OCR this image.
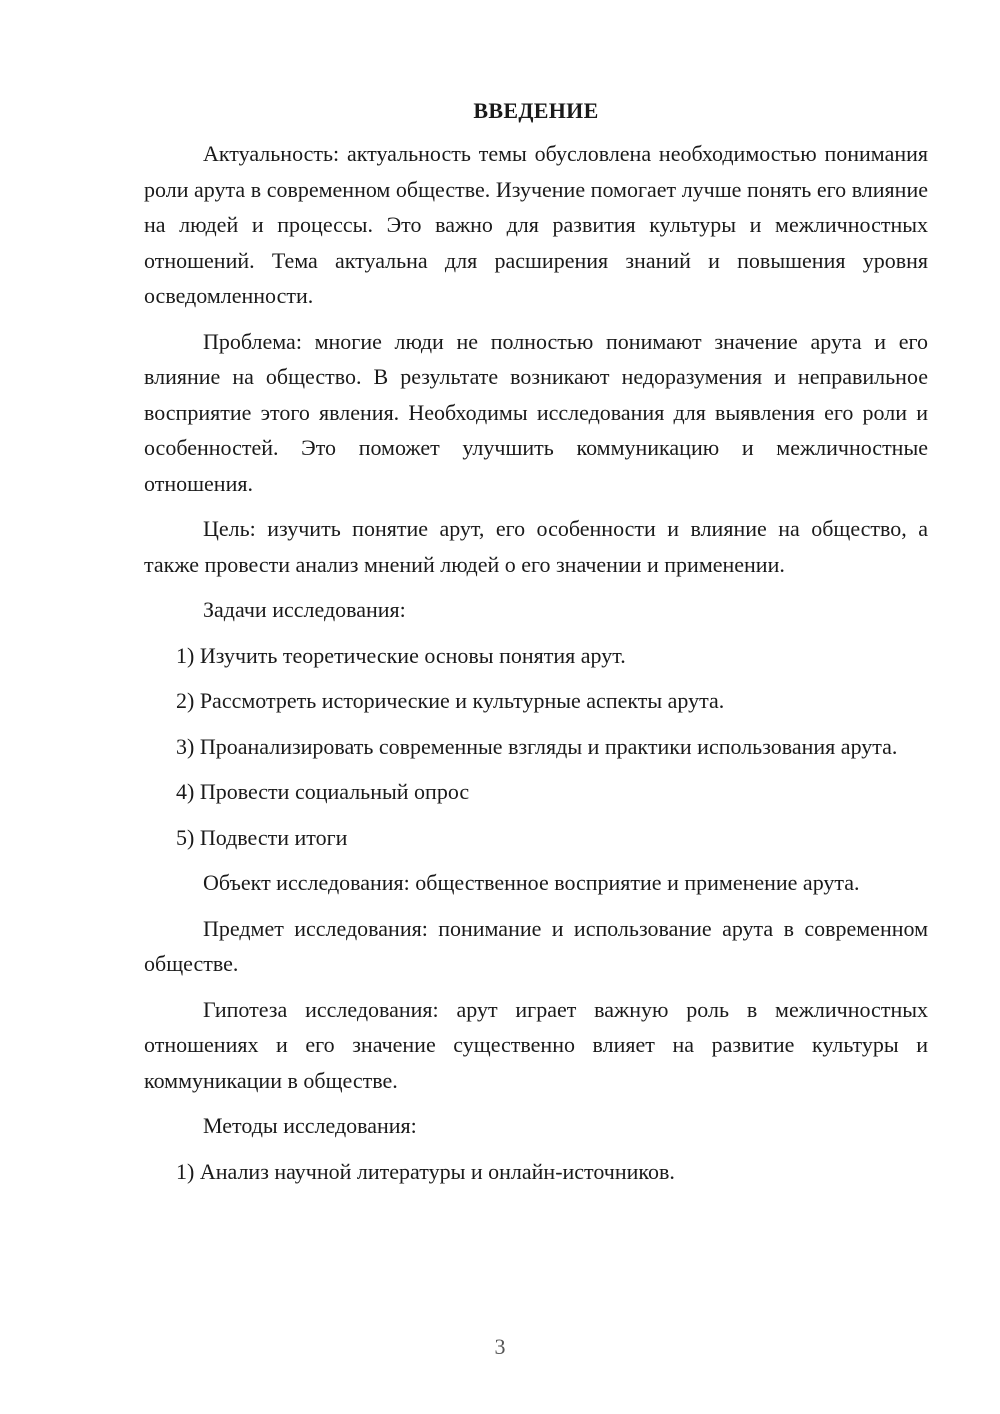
ВВЕДЕНИЕ

Актуальность: актуальность темы обусловлена необходимостью понимания роли арута в современном обществе. Изучение помогает лучше понять его влияние на людей и процессы. Это важно для развития культуры и межличностных отношений. Тема актуальна для расширения знаний и повышения уровня осведомленности.

Проблема: многие люди не полностью понимают значение арута и его влияние на общество. В результате возникают недоразумения и неправильное восприятие этого явления. Необходимы исследования для выявления его роли и особенностей. Это поможет улучшить коммуникацию и межличностные отношения.

Цель: изучить понятие арут, его особенности и влияние на общество, а также провести анализ мнений людей о его значении и применении.

Задачи исследования:

1) Изучить теоретические основы понятия арут.

2) Рассмотреть исторические и культурные аспекты арута.

3) Проанализировать современные взгляды и практики использования арута.

4) Провести социальный опрос

5) Подвести итоги

Объект исследования: общественное восприятие и применение арута.

Предмет исследования: понимание и использование арута в современном обществе.

Гипотеза исследования: арут играет важную роль в межличностных отношениях и его значение существенно влияет на развитие культуры и коммуникации в обществе.

Методы исследования:

1) Анализ научной литературы и онлайн-источников.

3
